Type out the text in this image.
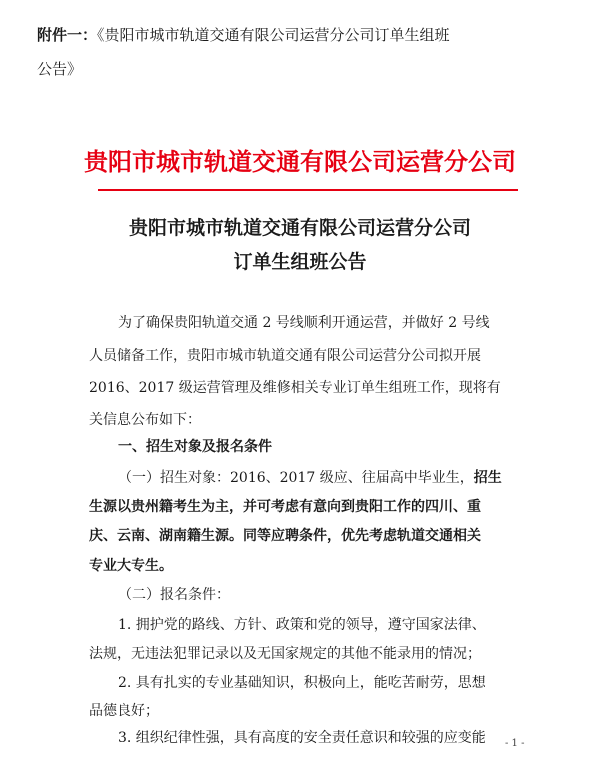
附件一：《贵阳市城市轨道交通有限公司运营分公司订单生组班
公告》
贵阳市城市轨道交通有限公司运营分公司
贵阳市城市轨道交通有限公司运营分公司
订单生组班公告
为了确保贵阳轨道交通 2 号线顺利开通运营，并做好 2 号线
人员储备工作，贵阳市城市轨道交通有限公司运营分公司拟开展
2016、2017 级运营管理及维修相关专业订单生组班工作，现将有
关信息公布如下：
一、招生对象及报名条件
（一）招生对象：2016、2017 级应、往届高中毕业生，招生
生源以贵州籍考生为主，并可考虑有意向到贵阳工作的四川、重
庆、云南、湖南籍生源。同等应聘条件，优先考虑轨道交通相关
专业大专生。
（二）报名条件：
1. 拥护党的路线、方针、政策和党的领导，遵守国家法律、
法规，无违法犯罪记录以及无国家规定的其他不能录用的情况；
2. 具有扎实的专业基础知识，积极向上，能吃苦耐劳，思想
品德良好；
3. 组织纪律性强，具有高度的安全责任意识和较强的应变能 - 1 -
